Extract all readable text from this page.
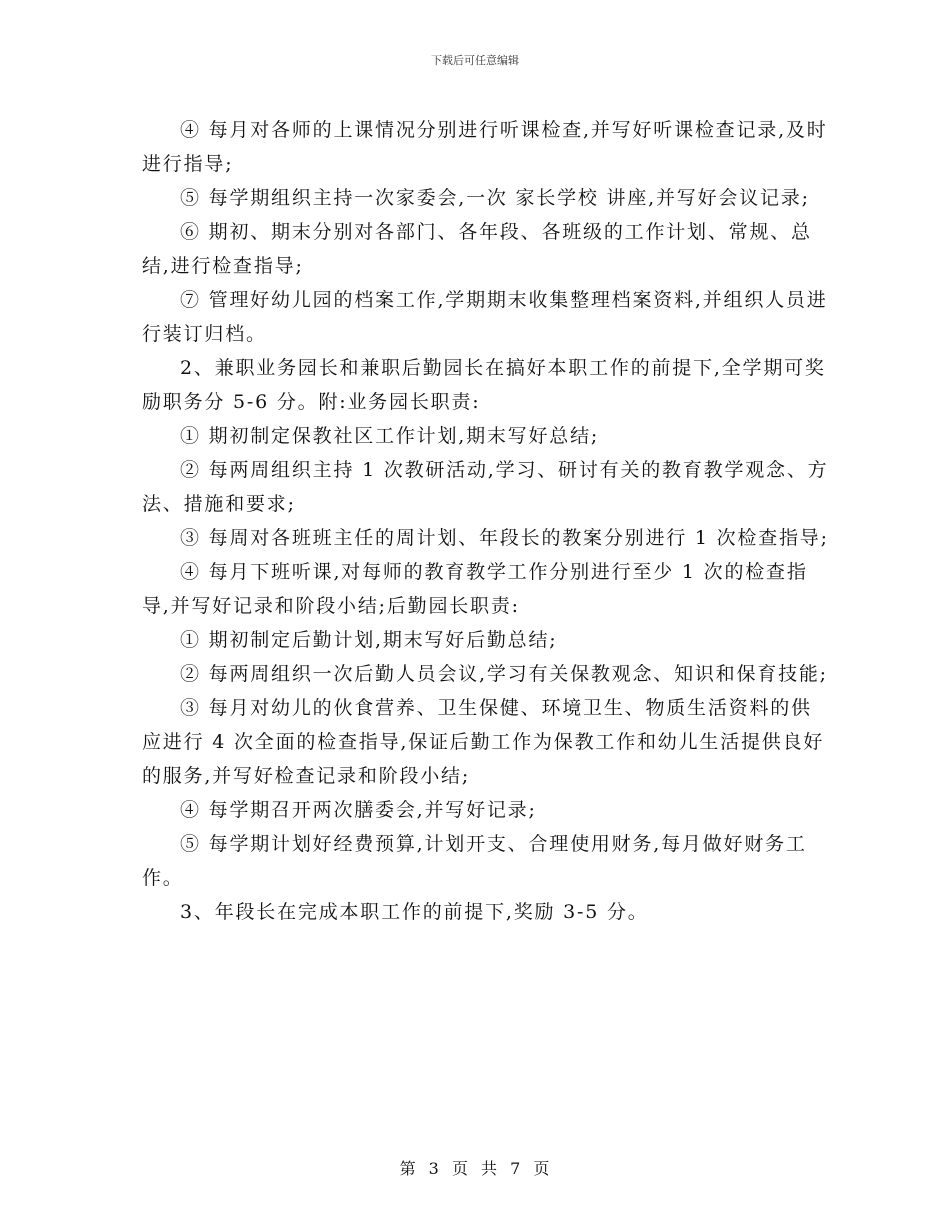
下载后可任意编辑

④ 每月对各师的上课情况分别进行听课检查,并写好听课检查记录,及时进行指导;

⑤ 每学期组织主持一次家委会,一次 家长学校 讲座,并写好会议记录;

⑥ 期初、期末分别对各部门、各年段、各班级的工作计划、常规、总结,进行检查指导;

⑦ 管理好幼儿园的档案工作,学期期末收集整理档案资料,并组织人员进行装订归档。

2、兼职业务园长和兼职后勤园长在搞好本职工作的前提下,全学期可奖励职务分 5-6 分。附:业务园长职责:

① 期初制定保教社区工作计划,期末写好总结;

② 每两周组织主持 1 次教研活动,学习、研讨有关的教育教学观念、方法、措施和要求;

③ 每周对各班班主任的周计划、年段长的教案分别进行 1 次检查指导;

④ 每月下班听课,对每师的教育教学工作分别进行至少 1 次的检查指导,并写好记录和阶段小结;后勤园长职责:

① 期初制定后勤计划,期末写好后勤总结;

② 每两周组织一次后勤人员会议,学习有关保教观念、知识和保育技能;

③ 每月对幼儿的伙食营养、卫生保健、环境卫生、物质生活资料的供应进行 4 次全面的检查指导,保证后勤工作为保教工作和幼儿生活提供良好的服务,并写好检查记录和阶段小结;

④ 每学期召开两次膳委会,并写好记录;

⑤ 每学期计划好经费预算,计划开支、合理使用财务,每月做好财务工作。

3、年段长在完成本职工作的前提下,奖励 3-5 分。

第 3 页 共 7 页
